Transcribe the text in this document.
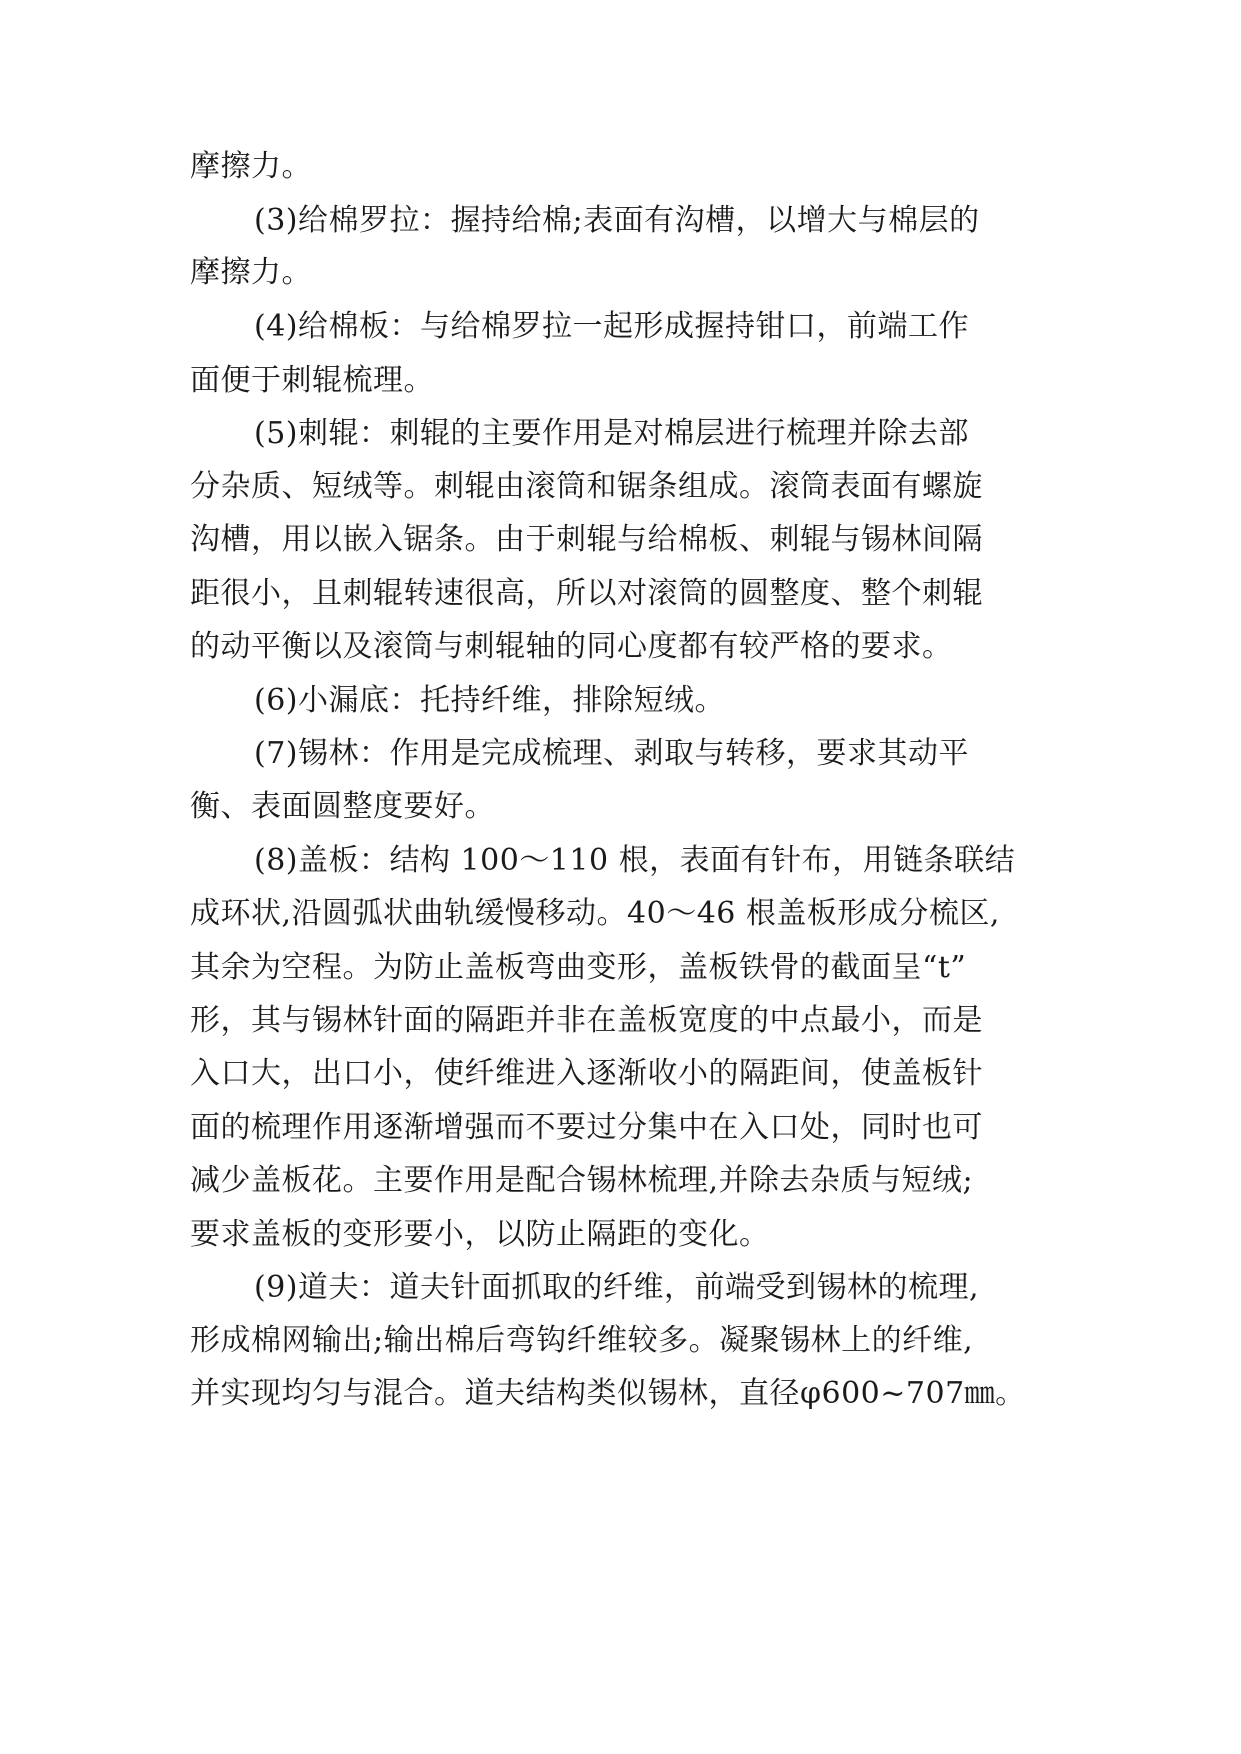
摩擦力。
(3)给棉罗拉：握持给棉;表面有沟槽，以增大与棉层的
摩擦力。
(4)给棉板：与给棉罗拉一起形成握持钳口，前端工作
面便于刺辊梳理。
(5)刺辊：刺辊的主要作用是对棉层进行梳理并除去部
分杂质、短绒等。刺辊由滚筒和锯条组成。滚筒表面有螺旋
沟槽，用以嵌入锯条。由于刺辊与给棉板、刺辊与锡林间隔
距很小，且刺辊转速很高，所以对滚筒的圆整度、整个刺辊
的动平衡以及滚筒与刺辊轴的同心度都有较严格的要求。
(6)小漏底：托持纤维，排除短绒。
(7)锡林：作用是完成梳理、剥取与转移，要求其动平
衡、表面圆整度要好。
(8)盖板：结构 100～110 根，表面有针布，用链条联结
成环状,沿圆弧状曲轨缓慢移动。40～46 根盖板形成分梳区,
其余为空程。为防止盖板弯曲变形，盖板铁骨的截面呈“t”
形，其与锡林针面的隔距并非在盖板宽度的中点最小，而是
入口大，出口小，使纤维进入逐渐收小的隔距间，使盖板针
面的梳理作用逐渐增强而不要过分集中在入口处，同时也可
减少盖板花。主要作用是配合锡林梳理,并除去杂质与短绒;
要求盖板的变形要小，以防止隔距的变化。
(9)道夫：道夫针面抓取的纤维，前端受到锡林的梳理,
形成棉网输出;输出棉后弯钩纤维较多。凝聚锡林上的纤维,
并实现均匀与混合。道夫结构类似锡林，直径φ600~707㎜。
